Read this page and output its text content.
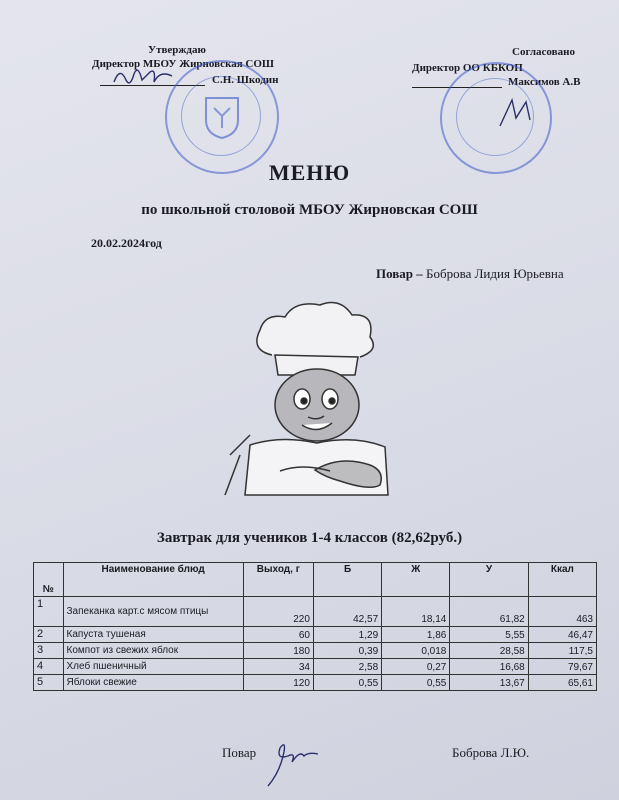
Утверждаю
Директор МБОУ Жирновская СОШ
С.Н. Шкодин
Согласовано
Директор ОО КБКОП
Максимов А.В
МЕНЮ
по школьной столовой МБОУ Жирновская СОШ
20.02.2024год
Повар – Боброва Лидия Юрьевна
Завтрак для учеников 1-4 классов (82,62руб.)
№	Наименование блюд	Выход, г	Б	Ж	У	Ккал
1	Запеканка карт.с мясом птицы	220	42,57	18,14	61,82	463
2	Капуста тушеная	60	1,29	1,86	5,55	46,47
3	Компот из свежих яблок	180	0,39	0,018	28,58	117,5
4	Хлеб пшеничный	34	2,58	0,27	16,68	79,67
5	Яблоки свежие	120	0,55	0,55	13,67	65,61
Повар	Боброва Л.Ю.
